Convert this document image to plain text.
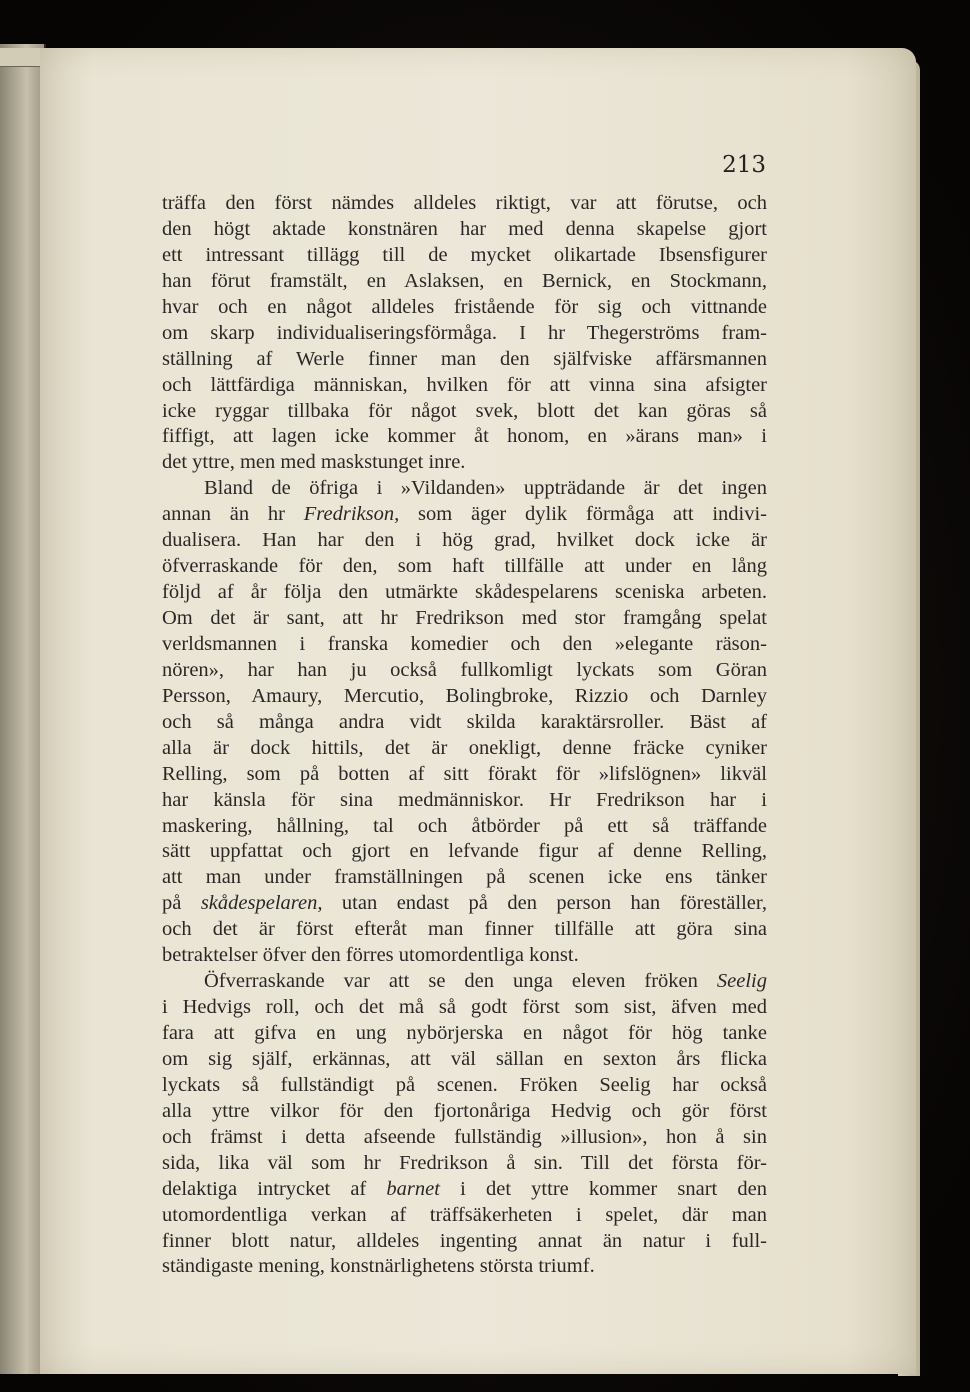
213
träffa den först nämdes alldeles riktigt, var att förutse, och
den högt aktade konstnären har med denna skapelse gjort
ett intressant tillägg till de mycket olikartade Ibsensfigurer
han förut framstält, en Aslaksen, en Bernick, en Stockmann,
hvar och en något alldeles fristående för sig och vittnande
om skarp individualiseringsförmåga. I hr Thegerströms fram-
ställning af Werle finner man den själfviske affärsmannen
och lättfärdiga människan, hvilken för att vinna sina afsigter
icke ryggar tillbaka för något svek, blott det kan göras så
fiffigt, att lagen icke kommer åt honom, en »ärans man» i
det yttre, men med maskstunget inre.
Bland de öfriga i »Vildanden» uppträdande är det ingen
annan än hr Fredrikson, som äger dylik förmåga att indivi-
dualisera. Han har den i hög grad, hvilket dock icke är
öfverraskande för den, som haft tillfälle att under en lång
följd af år följa den utmärkte skådespelarens sceniska arbeten.
Om det är sant, att hr Fredrikson med stor framgång spelat
verldsmannen i franska komedier och den »elegante räson-
nören», har han ju också fullkomligt lyckats som Göran
Persson, Amaury, Mercutio, Bolingbroke, Rizzio och Darnley
och så många andra vidt skilda karaktärsroller. Bäst af
alla är dock hittils, det är onekligt, denne fräcke cyniker
Relling, som på botten af sitt förakt för »lifslögnen» likväl
har känsla för sina medmänniskor. Hr Fredrikson har i
maskering, hållning, tal och åtbörder på ett så träffande
sätt uppfattat och gjort en lefvande figur af denne Relling,
att man under framställningen på scenen icke ens tänker
på skådespelaren, utan endast på den person han föreställer,
och det är först efteråt man finner tillfälle att göra sina
betraktelser öfver den förres utomordentliga konst.
Öfverraskande var att se den unga eleven fröken Seelig
i Hedvigs roll, och det må så godt först som sist, äfven med
fara att gifva en ung nybörjerska en något för hög tanke
om sig själf, erkännas, att väl sällan en sexton års flicka
lyckats så fullständigt på scenen. Fröken Seelig har också
alla yttre vilkor för den fjortonåriga Hedvig och gör först
och främst i detta afseende fullständig »illusion», hon å sin
sida, lika väl som hr Fredrikson å sin. Till det första för-
delaktiga intrycket af barnet i det yttre kommer snart den
utomordentliga verkan af träffsäkerheten i spelet, där man
finner blott natur, alldeles ingenting annat än natur i full-
ständigaste mening, konstnärlighetens största triumf.
